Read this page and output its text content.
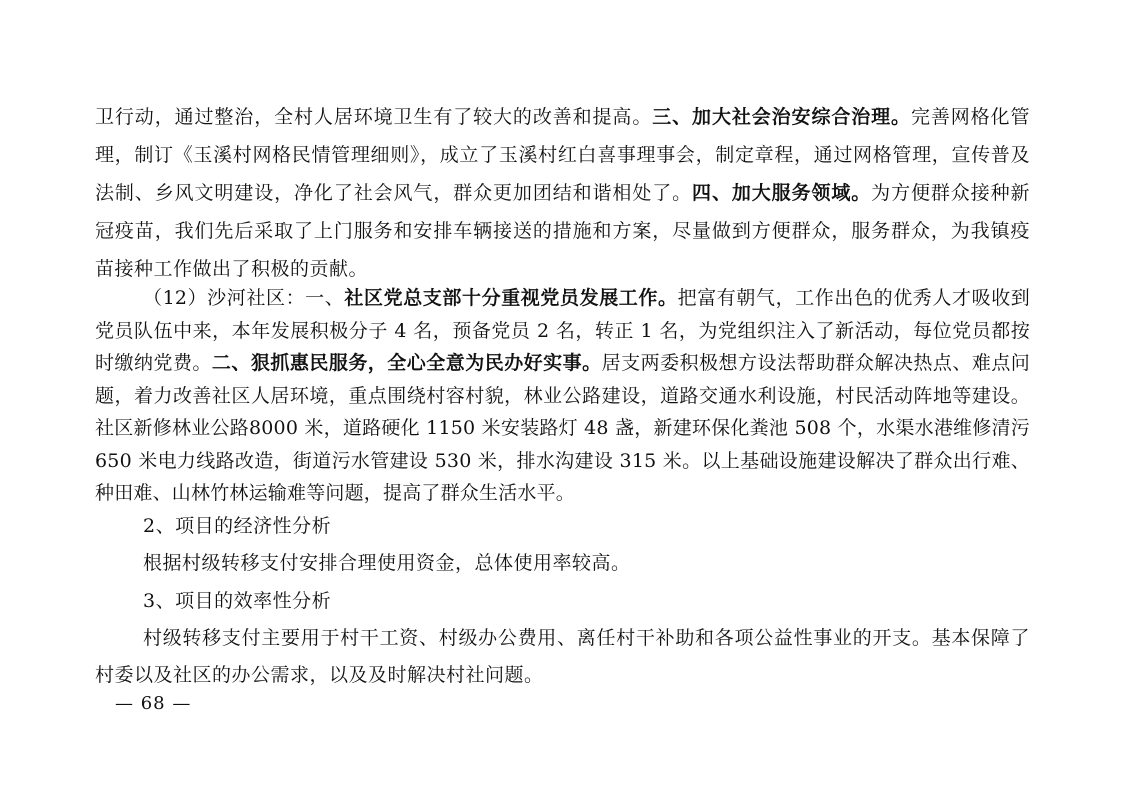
卫行动，通过整治，全村人居环境卫生有了较大的改善和提高。三、加大社会治安综合治理。完善网格化管理，制订《玉溪村网格民情管理细则》，成立了玉溪村红白喜事理事会，制定章程，通过网格管理，宣传普及法制、乡风文明建设，净化了社会风气，群众更加团结和谐相处了。四、加大服务领域。为方便群众接种新冠疫苗，我们先后采取了上门服务和安排车辆接送的措施和方案，尽量做到方便群众，服务群众，为我镇疫苗接种工作做出了积极的贡献。

（12）沙河社区：一、社区党总支部十分重视党员发展工作。把富有朝气，工作出色的优秀人才吸收到党员队伍中来，本年发展积极分子 4 名，预备党员 2 名，转正 1 名，为党组织注入了新活动，每位党员都按时缴纳党费。二、狠抓惠民服务，全心全意为民办好实事。居支两委积极想方设法帮助群众解决热点、难点问题，着力改善社区人居环境，重点围绕村容村貌，林业公路建设，道路交通水利设施，村民活动阵地等建设。社区新修林业公路8000 米，道路硬化 1150 米安装路灯 48 盏，新建环保化粪池 508 个，水渠水港维修清污 650 米电力线路改造，街道污水管建设 530 米，排水沟建设 315 米。以上基础设施建设解决了群众出行难、种田难、山林竹林运输难等问题，提高了群众生活水平。

2、项目的经济性分析
根据村级转移支付安排合理使用资金，总体使用率较高。
3、项目的效率性分析

村级转移支付主要用于村干工资、村级办公费用、离任村干补助和各项公益性事业的开支。基本保障了村委以及社区的办公需求，以及及时解决村社问题。

— 68 —
